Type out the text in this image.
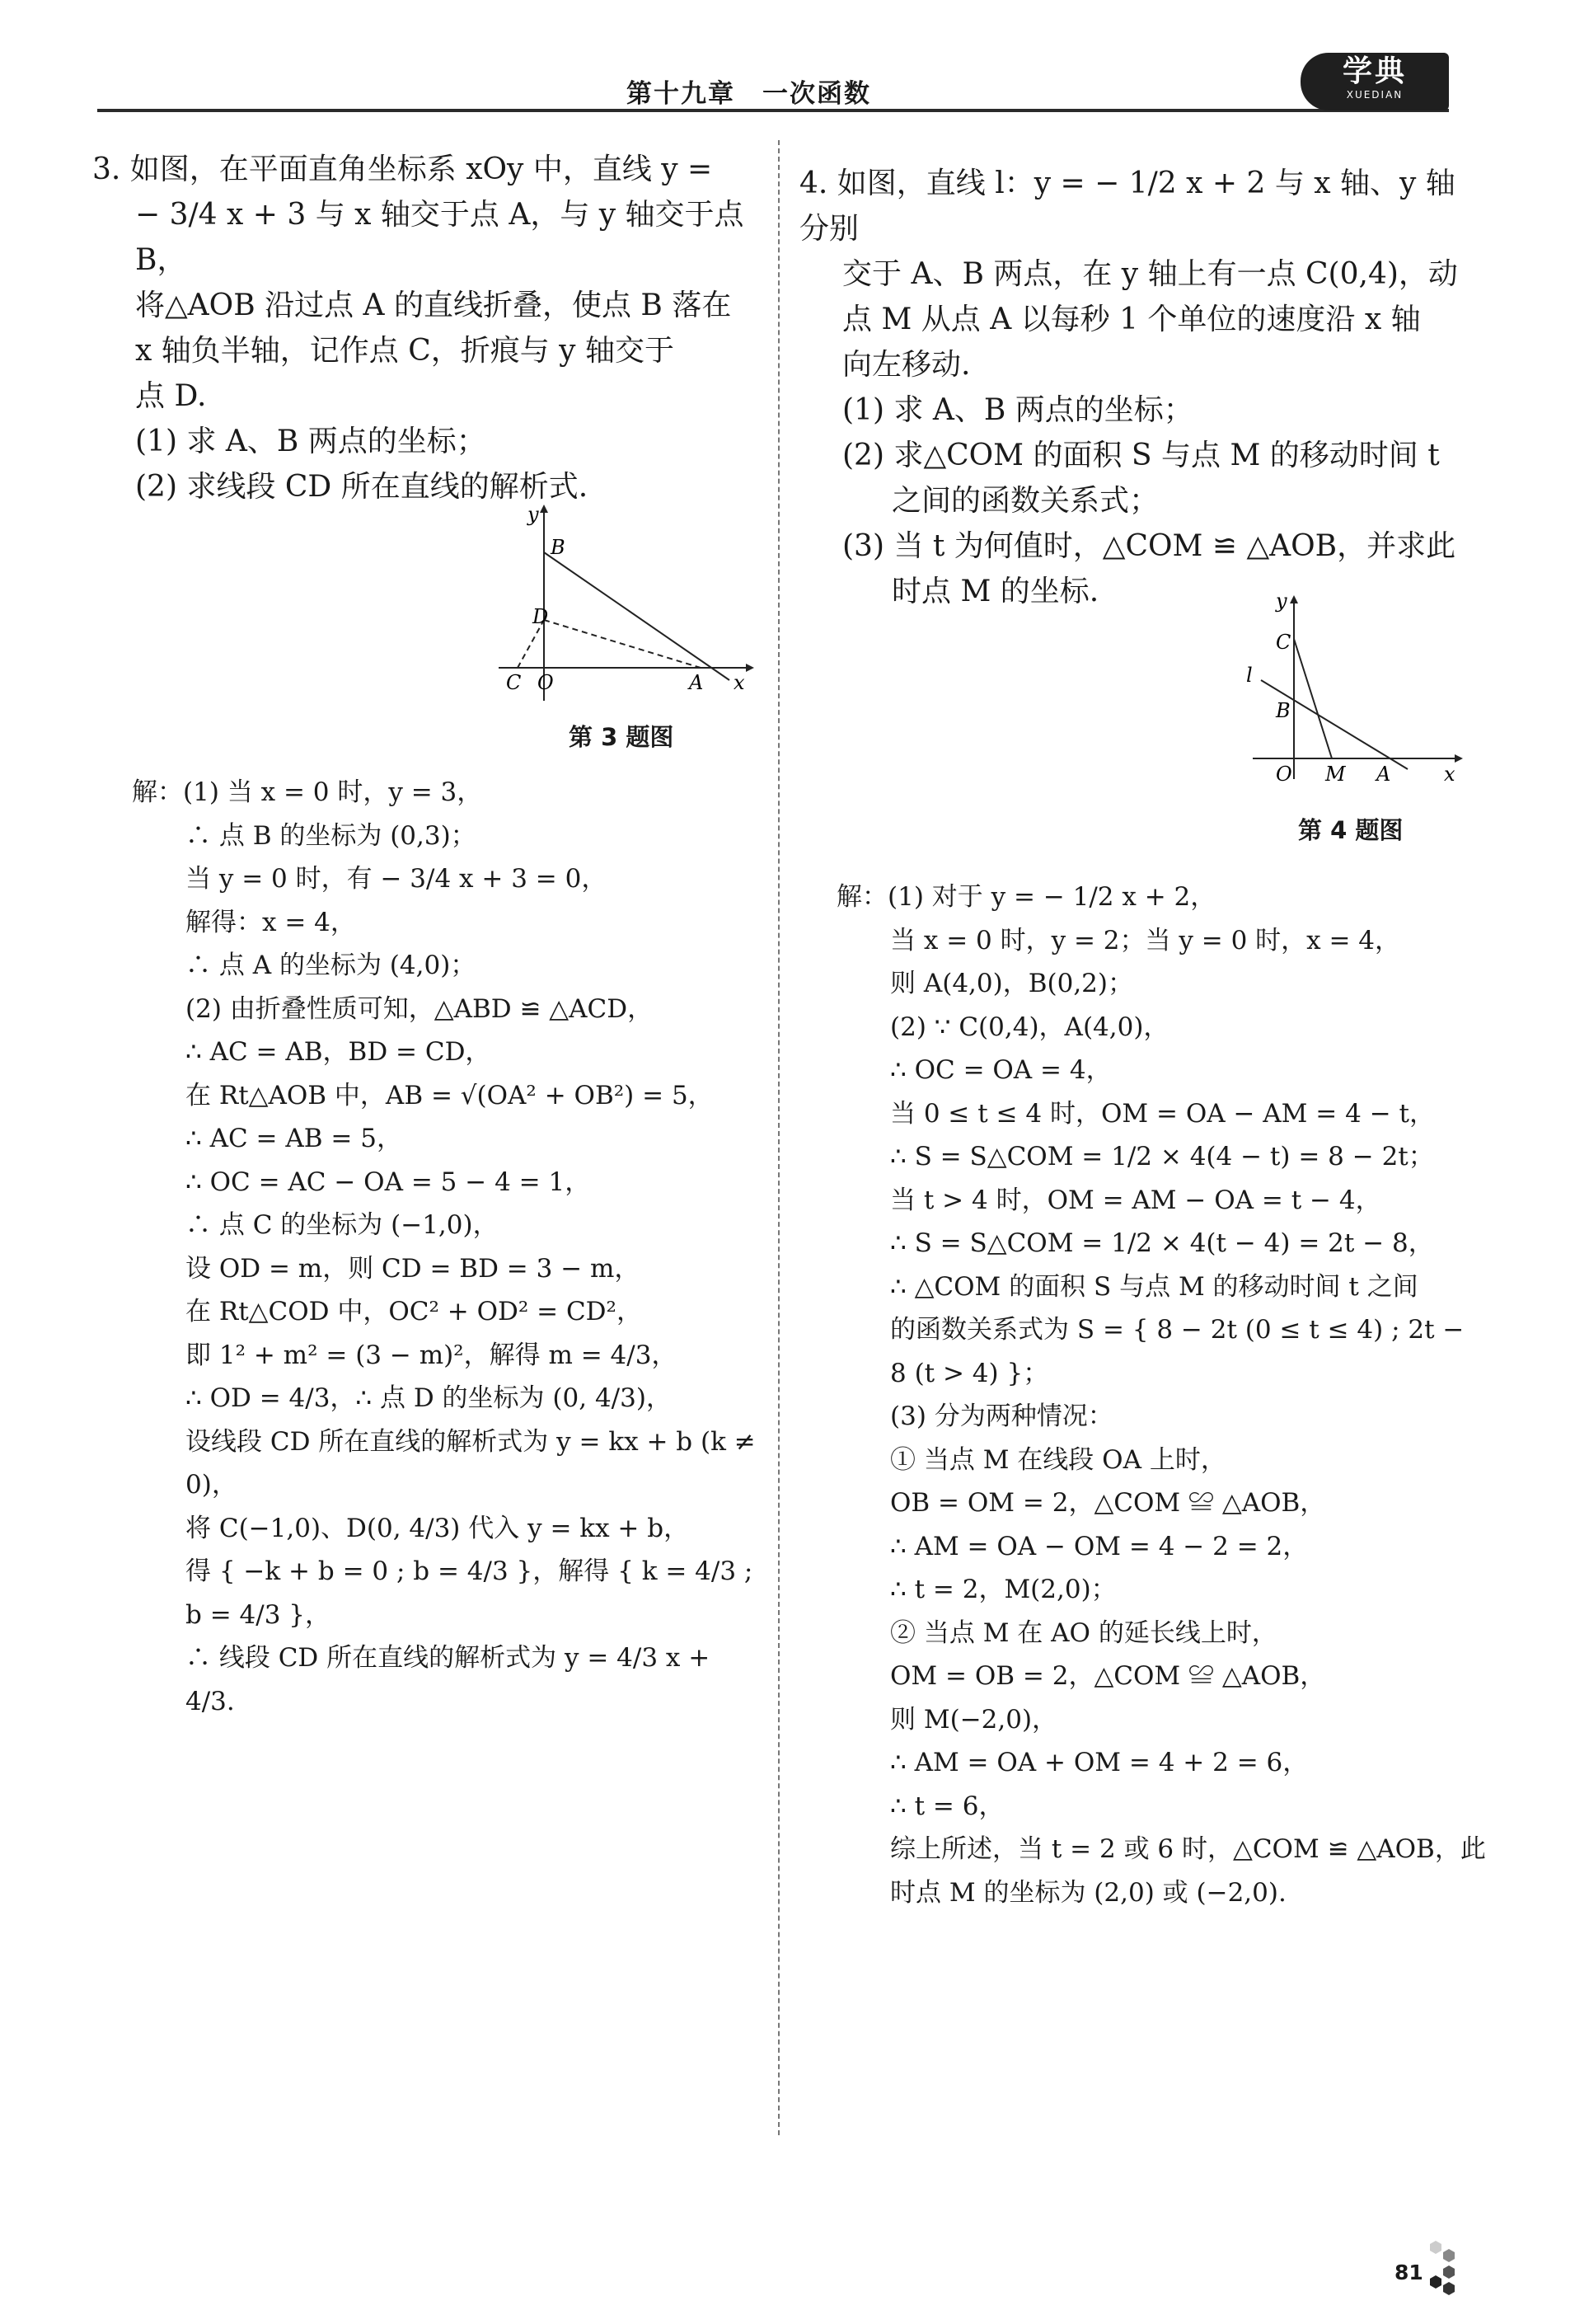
第十九章　一次函数
学典
XUEDIAN

3. 如图，在平面直角坐标系 xOy 中，直线 y =

− 3/4 x + 3 与 x 轴交于点 A，与 y 轴交于点 B，

将△AOB 沿过点 A 的直线折叠，使点 B 落在

x 轴负半轴，记作点 C，折痕与 y 轴交于

点 D.

(1) 求 A、B 两点的坐标；

(2) 求线段 CD 所在直线的解析式.

y
x
B
D
C O	A
第 3 题图

解：(1) 当 x = 0 时，y = 3，

∴ 点 B 的坐标为 (0,3)；

当 y = 0 时，有 − 3/4 x + 3 = 0，

解得：x = 4，

∴ 点 A 的坐标为 (4,0)；

(2) 由折叠性质可知，△ABD ≌ △ACD，

∴ AC = AB，BD = CD，

在 Rt△AOB 中，AB = √(OA² + OB²) = 5，

∴ AC = AB = 5，

∴ OC = AC − OA = 5 − 4 = 1，

∴ 点 C 的坐标为 (−1,0)，

设 OD = m，则 CD = BD = 3 − m，

在 Rt△COD 中，OC² + OD² = CD²，

即 1² + m² = (3 − m)²，解得 m = 4/3，

∴ OD = 4/3，∴ 点 D 的坐标为 (0, 4/3)，

设线段 CD 所在直线的解析式为 y = kx + b (k ≠

0)，

将 C(−1,0)、D(0, 4/3) 代入 y = kx + b，

得 { −k + b = 0 ; b = 4/3 }，解得 { k = 4/3 ; b = 4/3 }，

∴ 线段 CD 所在直线的解析式为 y = 4/3 x + 4/3.

4. 如图，直线 l：y = − 1/2 x + 2 与 x 轴、y 轴分别

交于 A、B 两点，在 y 轴上有一点 C(0,4)，动

点 M 从点 A 以每秒 1 个单位的速度沿 x 轴

向左移动.

(1) 求 A、B 两点的坐标；

(2) 求△COM 的面积 S 与点 M 的移动时间 t

之间的函数关系式；

(3) 当 t 为何值时，△COM ≌ △AOB，并求此

时点 M 的坐标.	y
x
C
l
B
O M A
第 4 题图

解：(1) 对于 y = − 1/2 x + 2，

当 x = 0 时，y = 2；当 y = 0 时，x = 4，

则 A(4,0)，B(0,2)；

(2) ∵ C(0,4)，A(4,0)，

∴ OC = OA = 4，

当 0 ≤ t ≤ 4 时，OM = OA − AM = 4 − t，

∴ S = S△COM = 1/2 × 4(4 − t) = 8 − 2t；

当 t > 4 时，OM = AM − OA = t − 4，

∴ S = S△COM = 1/2 × 4(t − 4) = 2t − 8，

∴ △COM 的面积 S 与点 M 的移动时间 t 之间

的函数关系式为 S = { 8 − 2t (0 ≤ t ≤ 4) ; 2t − 8 (t > 4) }；

(3) 分为两种情况：

① 当点 M 在线段 OA 上时，

OB = OM = 2，△COM ≌ △AOB，

∴ AM = OA − OM = 4 − 2 = 2，

∴ t = 2，M(2,0)；

② 当点 M 在 AO 的延长线上时，

OM = OB = 2，△COM ≌ △AOB，

则 M(−2,0)，

∴ AM = OA + OM = 4 + 2 = 6，

∴ t = 6，

综上所述，当 t = 2 或 6 时，△COM ≌ △AOB，此

时点 M 的坐标为 (2,0) 或 (−2,0).

81
